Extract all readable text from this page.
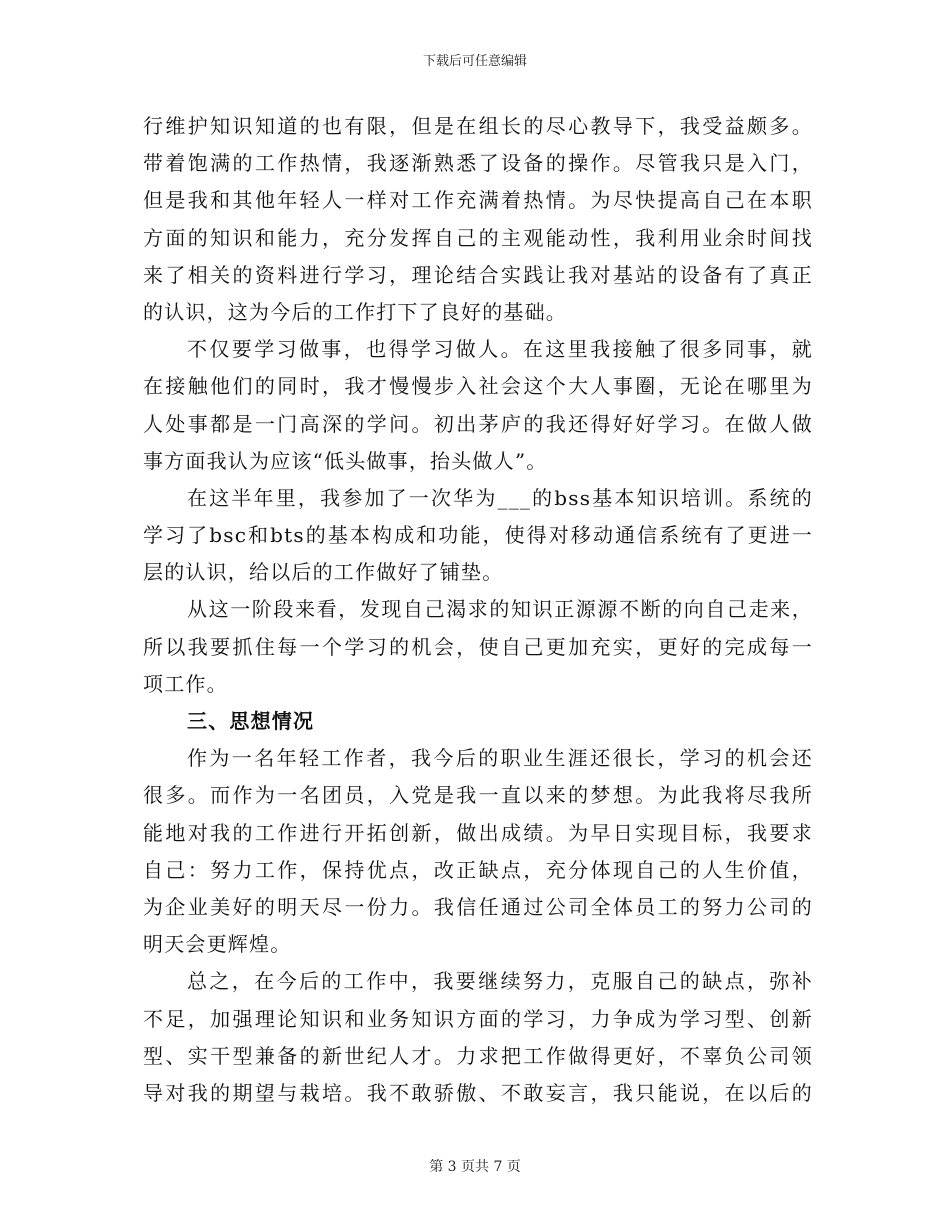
下载后可任意编辑
行维护知识知道的也有限，但是在组长的尽心教导下，我受益颇多。
带着饱满的工作热情，我逐渐熟悉了设备的操作。尽管我只是入门，
但是我和其他年轻人一样对工作充满着热情。为尽快提高自己在本职
方面的知识和能力，充分发挥自己的主观能动性，我利用业余时间找
来了相关的资料进行学习，理论结合实践让我对基站的设备有了真正
的认识，这为今后的工作打下了良好的基础。
不仅要学习做事，也得学习做人。在这里我接触了很多同事，就
在接触他们的同时，我才慢慢步入社会这个大人事圈，无论在哪里为
人处事都是一门高深的学问。初出茅庐的我还得好好学习。在做人做
事方面我认为应该“低头做事，抬头做人”。
在这半年里，我参加了一次华为___的bss基本知识培训。系统的
学习了bsc和bts的基本构成和功能，使得对移动通信系统有了更进一
层的认识，给以后的工作做好了铺垫。
从这一阶段来看，发现自己渴求的知识正源源不断的向自己走来，
所以我要抓住每一个学习的机会，使自己更加充实，更好的完成每一
项工作。
三、思想情况
作为一名年轻工作者，我今后的职业生涯还很长，学习的机会还
很多。而作为一名团员，入党是我一直以来的梦想。为此我将尽我所
能地对我的工作进行开拓创新，做出成绩。为早日实现目标，我要求
自己：努力工作，保持优点，改正缺点，充分体现自己的人生价值，
为企业美好的明天尽一份力。我信任通过公司全体员工的努力公司的
明天会更辉煌。
总之，在今后的工作中，我要继续努力，克服自己的缺点，弥补
不足，加强理论知识和业务知识方面的学习，力争成为学习型、创新
型、实干型兼备的新世纪人才。力求把工作做得更好，不辜负公司领
导对我的期望与栽培。我不敢骄傲、不敢妄言，我只能说，在以后的
第 3 页共 7 页
